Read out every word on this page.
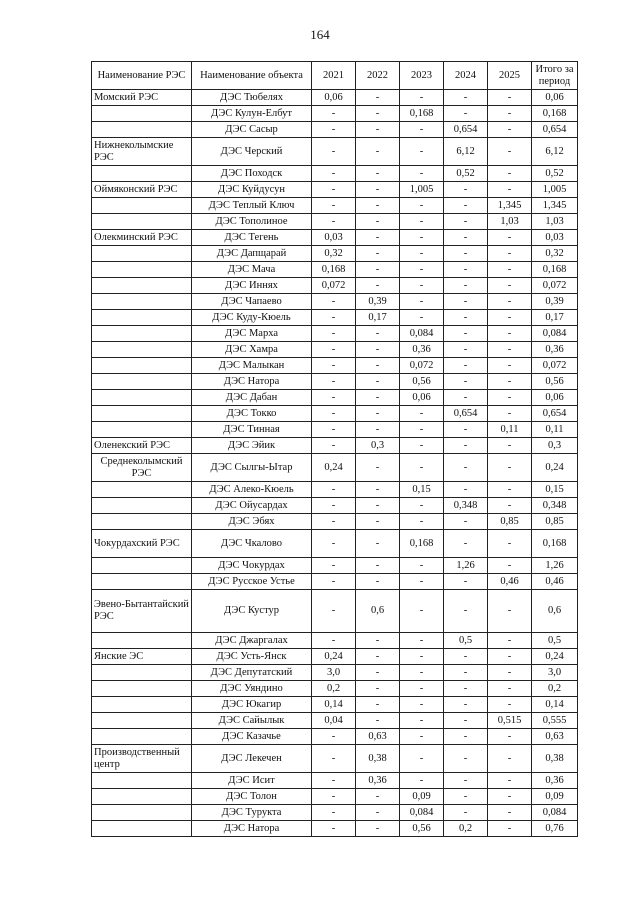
164
Наименование РЭС	Наименование объекта	2021	2022	2023	2024	2025	Итого за период
Момский РЭС	ДЭС Тюбелях	0,06	-	-	-	-	0,06
	ДЭС Кулун-Елбут	-	-	0,168	-	-	0,168
	ДЭС Сасыр	-	-	-	0,654	-	0,654
Нижнеколымскиe РЭС	ДЭС Черский	-	-	-	6,12	-	6,12
	ДЭС Походск	-	-	-	0,52	-	0,52
Оймяконский РЭС	ДЭС Куйдусун	-	-	1,005	-	-	1,005
	ДЭС Теплый Ключ	-	-	-	-	1,345	1,345
	ДЭС Тополиное	-	-	-	-	1,03	1,03
Олекминский РЭС	ДЭС Тегень	0,03	-	-	-	-	0,03
	ДЭС Дапщарай	0,32	-	-	-	-	0,32
	ДЭС Мача	0,168	-	-	-	-	0,168
	ДЭС Иннях	0,072	-	-	-	-	0,072
	ДЭС Чапаево	-	0,39	-	-	-	0,39
	ДЭС Куду-Кюель	-	0,17	-	-	-	0,17
	ДЭС Марха	-	-	0,084	-	-	0,084
	ДЭС Хамра	-	-	0,36	-	-	0,36
	ДЭС Малыкан	-	-	0,072	-	-	0,072
	ДЭС Натора	-	-	0,56	-	-	0,56
	ДЭС Дабан	-	-	0,06	-	-	0,06
	ДЭС Токко	-	-	-	0,654	-	0,654
	ДЭС Тинная	-	-	-	-	0,11	0,11
Оленекский РЭС	ДЭС Эйик	-	0,3	-	-	-	0,3
Среднеколымский РЭС	ДЭС Сылгы-Ытар	0,24	-	-	-	-	0,24
	ДЭС Алеко-Кюель	-	-	0,15	-	-	0,15
	ДЭС Ойусардах	-	-	-	0,348	-	0,348
	ДЭС Эбях	-	-	-	-	0,85	0,85
Чокурдахский РЭС	ДЭС Чкалово	-	-	0,168	-	-	0,168
	ДЭС Чокурдах	-	-	-	1,26	-	1,26
	ДЭС Русское Устье	-	-	-	-	0,46	0,46
Эвено-Бытантайский РЭС	ДЭС Кустур	-	0,6	-	-	-	0,6
	ДЭС Джаргалах	-	-	-	0,5	-	0,5
Янские ЭС	ДЭС Усть-Янск	0,24	-	-	-	-	0,24
	ДЭС Депутатский	3,0	-	-	-	-	3,0
	ДЭС Уяндино	0,2	-	-	-	-	0,2
	ДЭС Юкагир	0,14	-	-	-	-	0,14
	ДЭС Сайылык	0,04	-	-	-	0,515	0,555
	ДЭС Казачье	-	0,63	-	-	-	0,63
Производственный центр	ДЭС Лекечен	-	0,38	-	-	-	0,38
	ДЭС Исит	-	0,36	-	-	-	0,36
	ДЭС Толон	-	-	0,09	-	-	0,09
	ДЭС Турукта	-	-	0,084	-	-	0,084
	ДЭС Натора	-	-	0,56	0,2	-	0,76
